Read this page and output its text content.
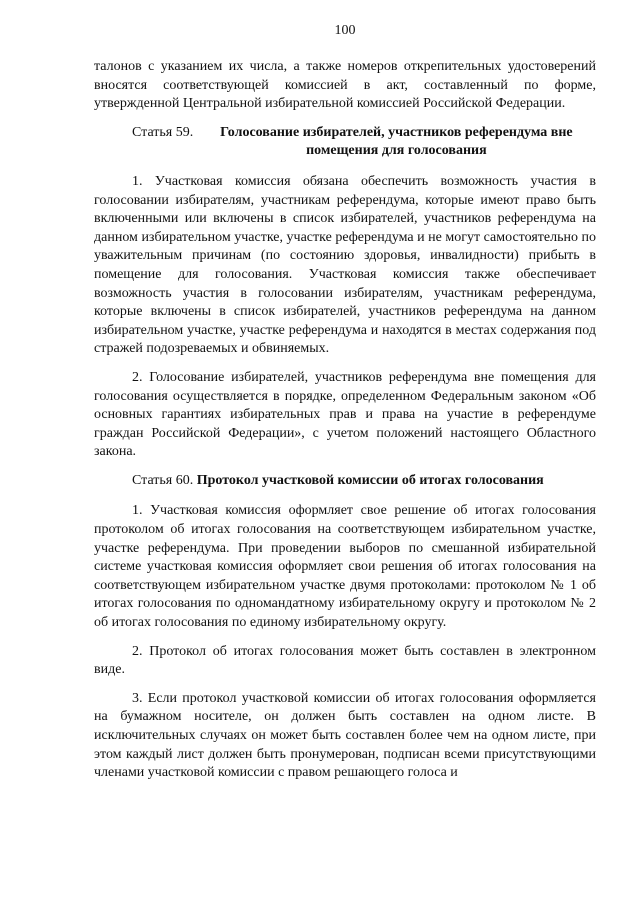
100

талонов с указанием их числа, а также номеров открепительных удостоверений вносятся соответствующей комиссией в акт, составленный по форме, утвержденной Центральной избирательной комиссией Российской Федерации.

Статья 59.	Голосование избирателей, участников референдума вне помещения для голосования

1. Участковая комиссия обязана обеспечить возможность участия в голосовании избирателям, участникам референдума, которые имеют право быть включенными или включены в список избирателей, участников референдума на данном избирательном участке, участке референдума и не могут самостоятельно по уважительным причинам (по состоянию здоровья, инвалидности) прибыть в помещение для голосования. Участковая комиссия также обеспечивает возможность участия в голосовании избирателям, участникам референдума, которые включены в список избирателей, участников референдума на данном избирательном участке, участке референдума и находятся в местах содержания под стражей подозреваемых и обвиняемых.

2. Голосование избирателей, участников референдума вне помещения для голосования осуществляется в порядке, определенном Федеральным законом «Об основных гарантиях избирательных прав и права на участие в референдуме граждан Российской Федерации», с учетом положений настоящего Областного закона.

Статья 60. Протокол участковой комиссии об итогах голосования

1. Участковая комиссия оформляет свое решение об итогах голосования протоколом об итогах голосования на соответствующем избирательном участке, участке референдума. При проведении выборов по смешанной избирательной системе участковая комиссия оформляет свои решения об итогах голосования на соответствующем избирательном участке двумя протоколами: протоколом № 1 об итогах голосования по одномандатному избирательному округу и протоколом № 2 об итогах голосования по единому избирательному округу.

2. Протокол об итогах голосования может быть составлен в электронном виде.

3. Если протокол участковой комиссии об итогах голосования оформляется на бумажном носителе, он должен быть составлен на одном листе. В исключительных случаях он может быть составлен более чем на одном листе, при этом каждый лист должен быть пронумерован, подписан всеми присутствующими членами участковой комиссии с правом решающего голоса и
